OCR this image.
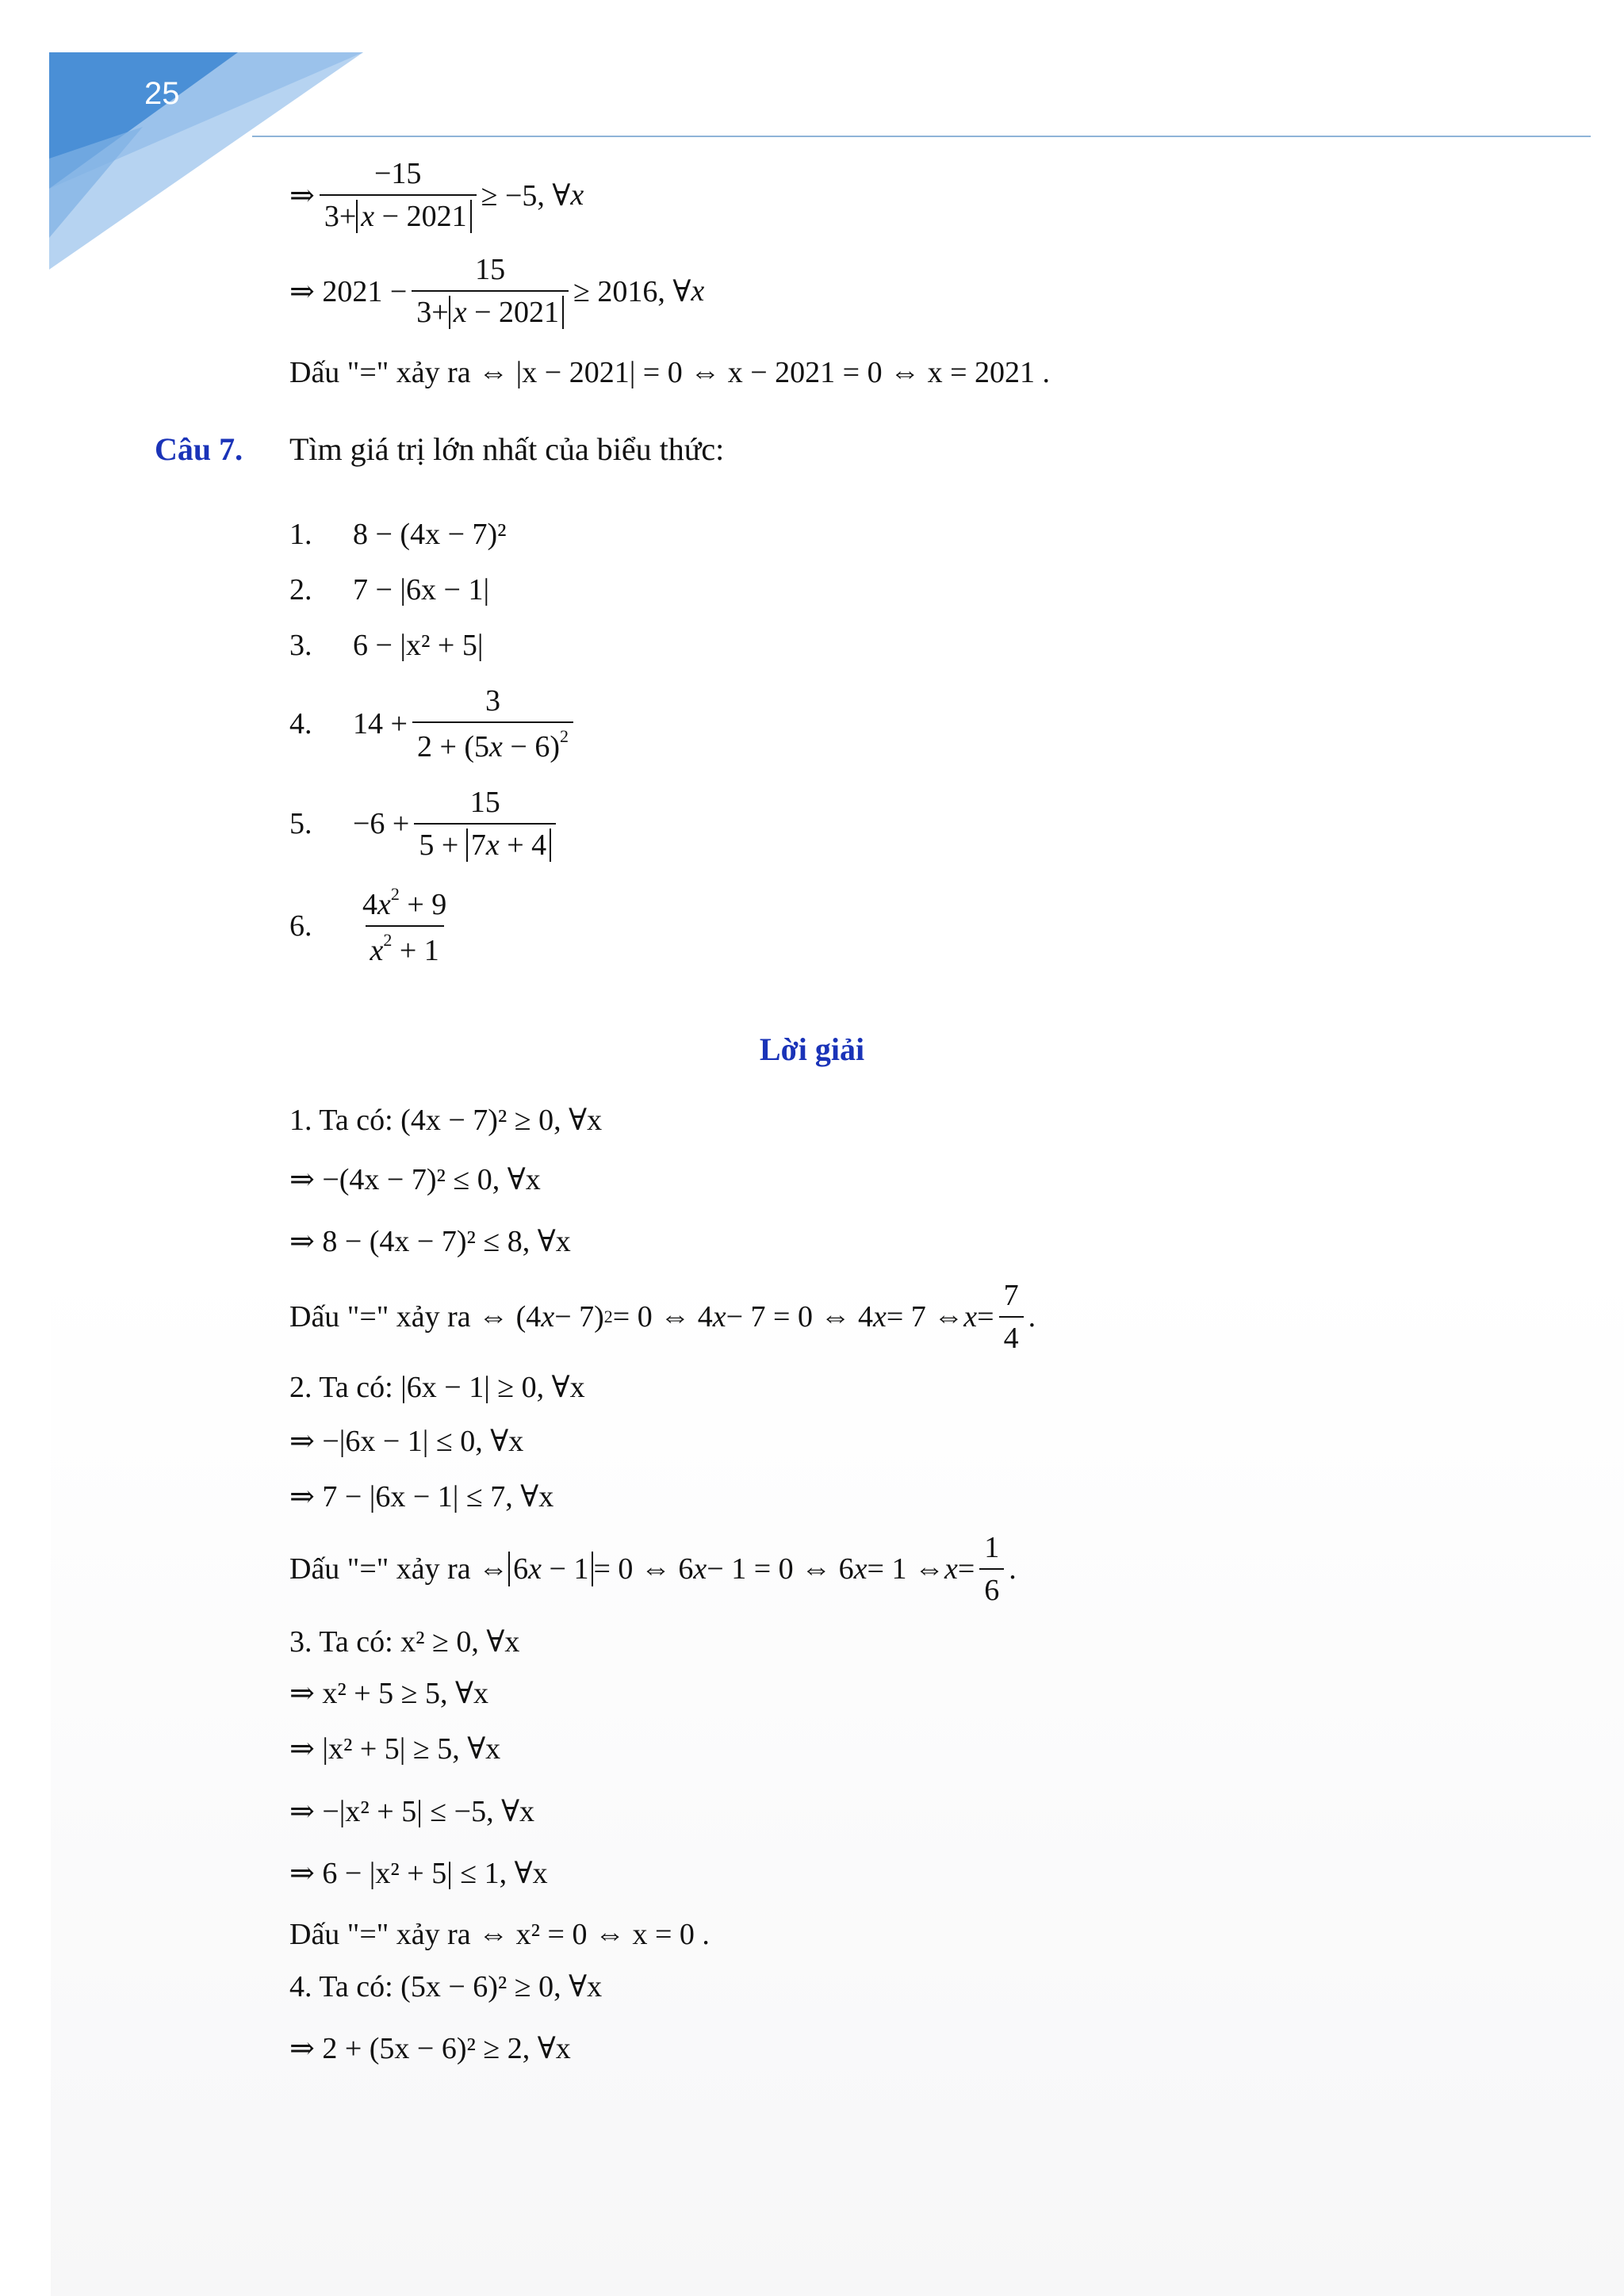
25
⇒ $\frac{-15}{3+ x - 2021} \ge -5$, ∀ x
⇒ $2021 - \frac{15}{3+ x - 2021} \ge 2016$, ∀ x
Dấu "=" xảy ra ⇔ |x − 2021| = 0 ⇔ x − 2021 = 0 ⇔ x = 2021 .
Câu 7. Tìm giá trị lớn nhất của biểu thức:
1.	8 − (4x − 7)²
2.	7 − |6x − 1|
3.	6 − |x² + 5|
4.	$14 + \frac{3}{2 + (5x - 6)^2}$
5.	$-6 + \frac{15}{5 + 7x + 4}$
6.	$\frac{4x^2 + 9}{x^2 + 1}$
Lời giải
1. Ta có: (4x − 7)² ≥ 0, ∀x
⇒ −(4x − 7)² ≤ 0, ∀x
⇒ 8 − (4x − 7)² ≤ 8, ∀x
Dấu "=" xảy ra ⇔ (4 x − 7) 2 = 0 ⇔ 4 x − 7 = 0 ⇔ 4 x = 7 ⇔ $x = \frac{7}{4}$ .
2. Ta có: |6x − 1| ≥ 0, ∀x
⇒ −|6x − 1| ≤ 0, ∀x
⇒ 7 − |6x − 1| ≤ 7, ∀x
Dấu "=" xảy ra ⇔ 6x − 1 = 0 ⇔ 6 x − 1 = 0 ⇔ 6 x = 1 ⇔ $x = \frac{1}{6}$ .
3. Ta có: x² ≥ 0, ∀x
⇒ x² + 5 ≥ 5, ∀x
⇒ |x² + 5| ≥ 5, ∀x
⇒ −|x² + 5| ≤ −5, ∀x
⇒ 6 − |x² + 5| ≤ 1, ∀x
Dấu "=" xảy ra ⇔ x² = 0 ⇔ x = 0 .
4. Ta có: (5x − 6)² ≥ 0, ∀x
⇒ 2 + (5x − 6)² ≥ 2, ∀x
